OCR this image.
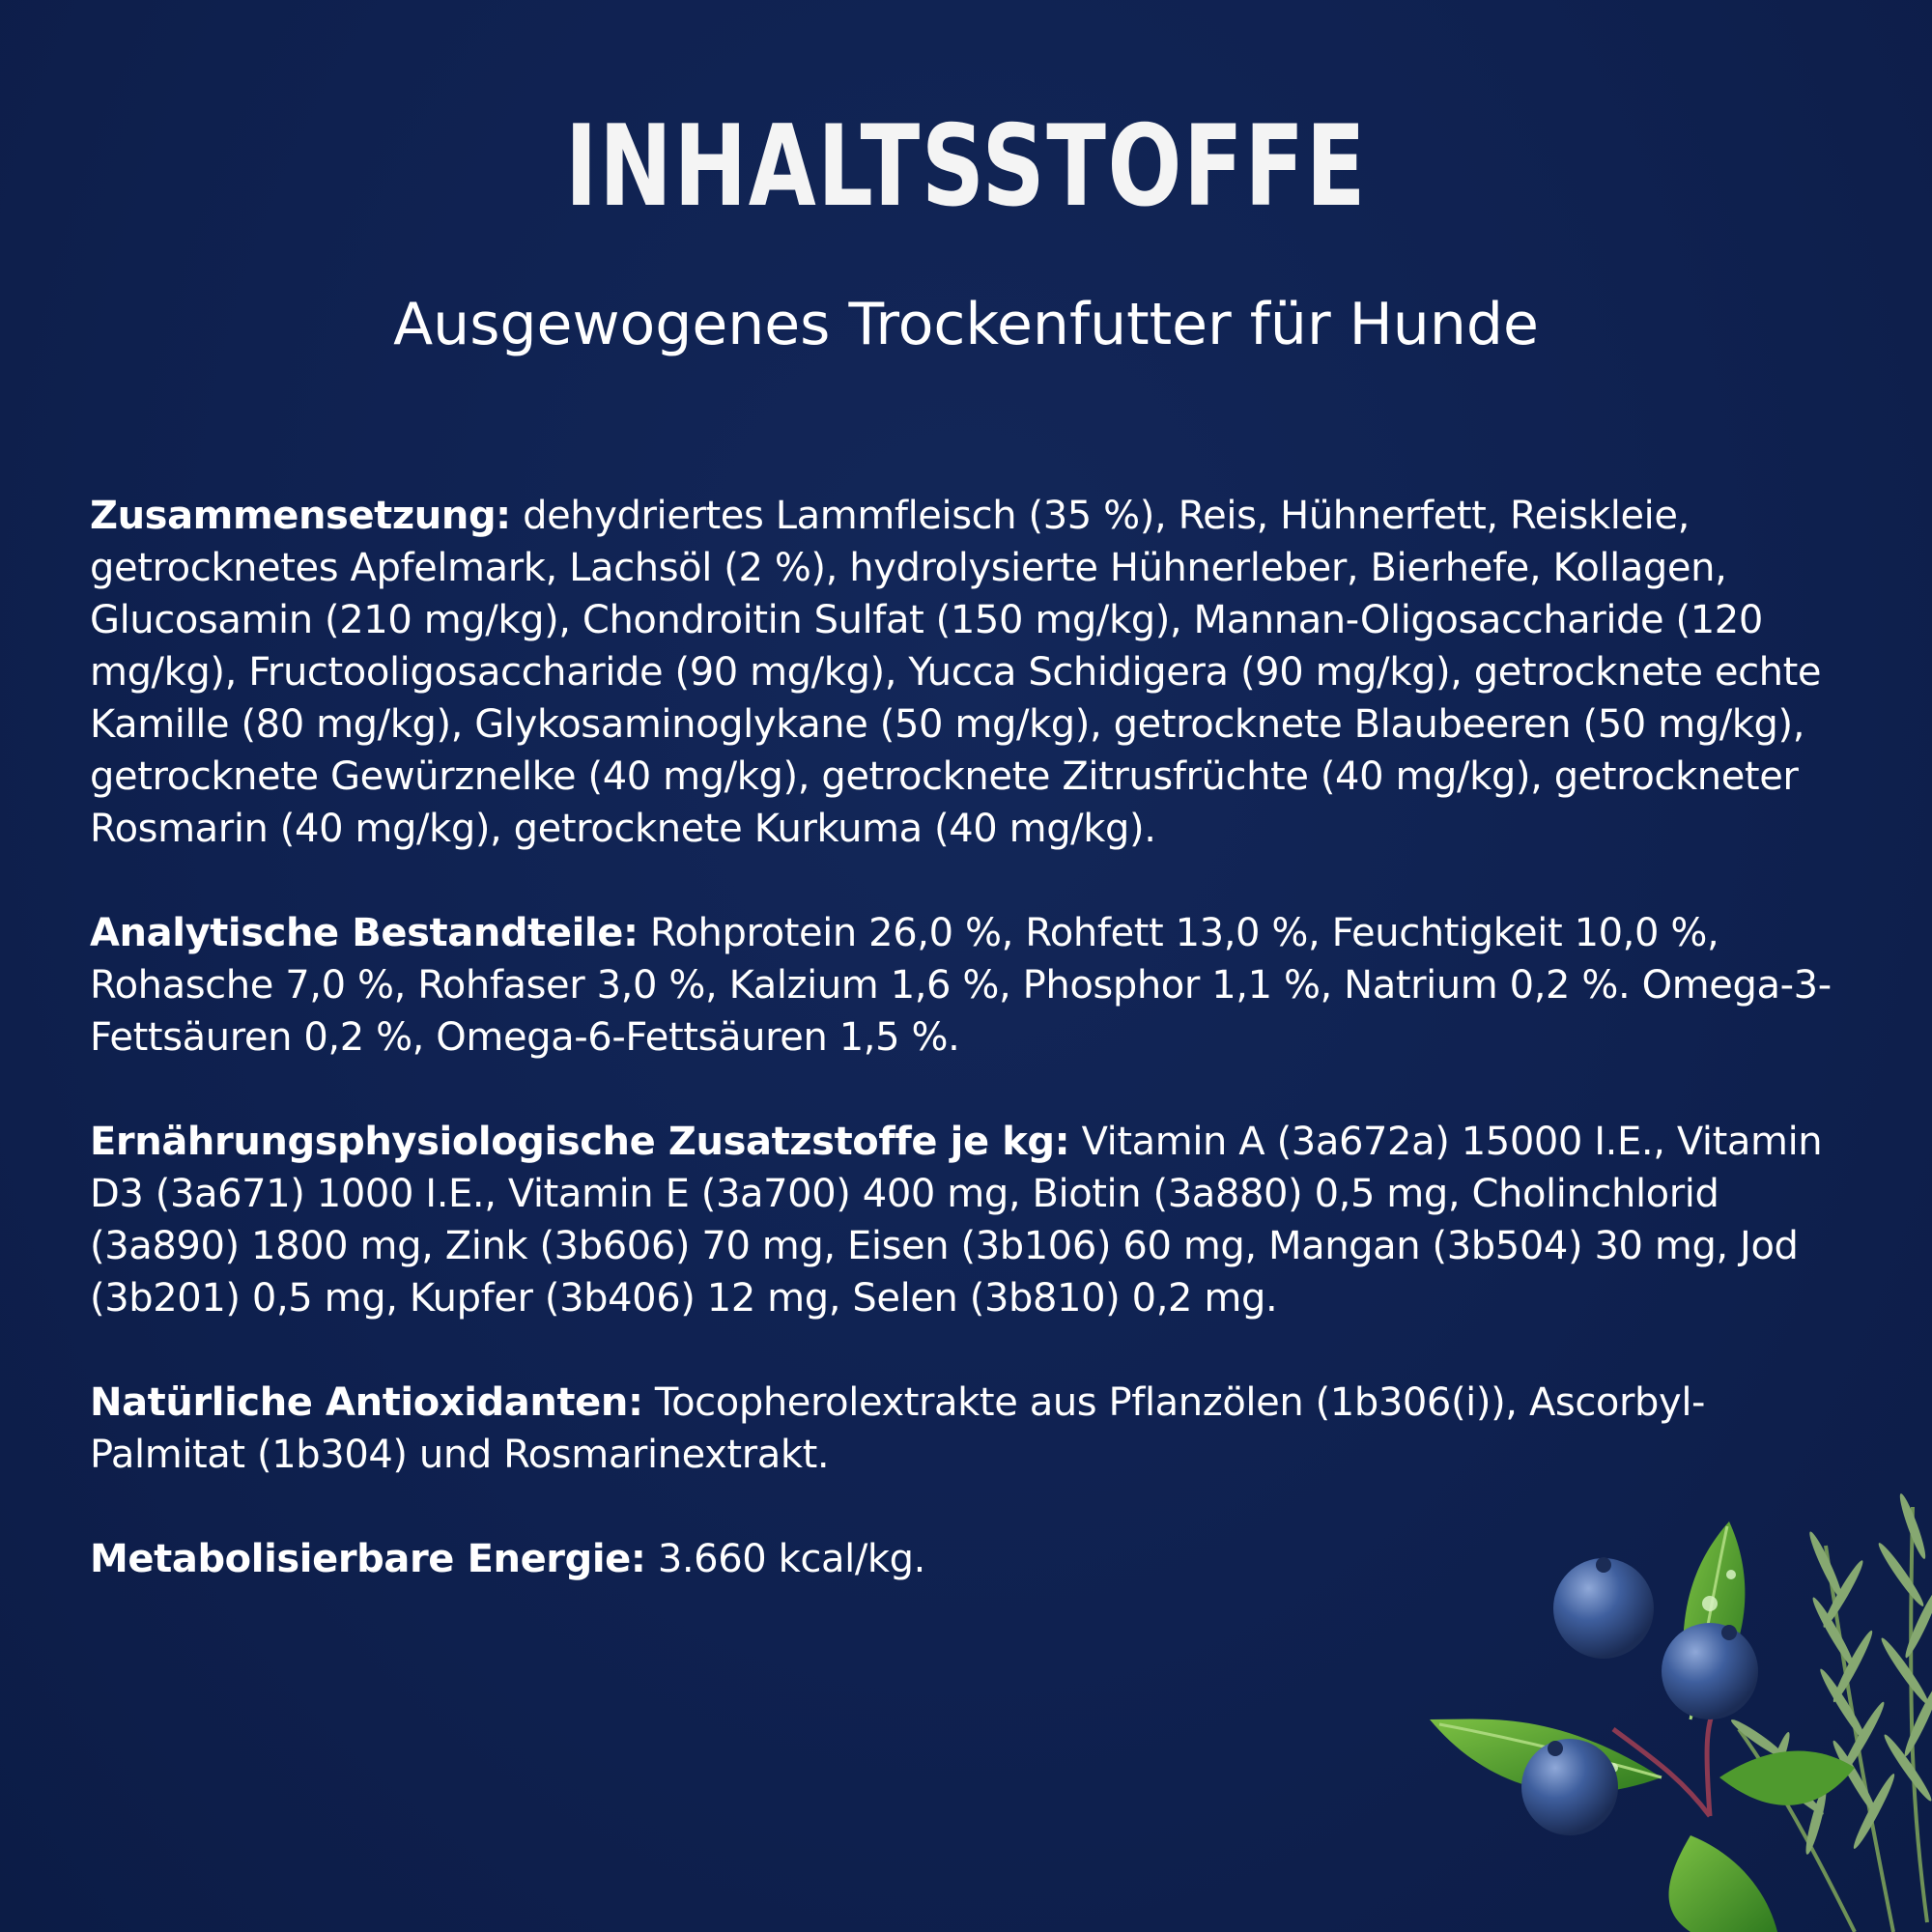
INHALTSSTOFFE
Ausgewogenes Trockenfutter für Hunde

Zusammensetzung: dehydriertes Lammfleisch (35 %), Reis, Hühnerfett, Reiskleie, getrocknetes Apfelmark, Lachsöl (2 %), hydrolysierte Hühnerleber, Bierhefe, Kollagen, Glucosamin (210 mg/kg), Chondroitin Sulfat (150 mg/kg), Mannan-Oligosaccharide (120 mg/kg), Fructooligosaccharide (90 mg/kg), Yucca Schidigera (90 mg/kg), getrocknete echte Kamille (80 mg/kg), Glykosaminoglykane (50 mg/kg), getrocknete Blaubeeren (50 mg/kg), getrocknete Gewürznelke (40 mg/kg), getrocknete Zitrusfrüchte (40 mg/kg), getrockneter Rosmarin (40 mg/kg), getrocknete Kurkuma (40 mg/kg).

Analytische Bestandteile: Rohprotein 26,0 %, Rohfett 13,0 %, Feuchtigkeit 10,0 %, Rohasche 7,0 %, Rohfaser 3,0 %, Kalzium 1,6 %, Phosphor 1,1 %, Natrium 0,2 %. Omega-3-Fettsäuren 0,2 %, Omega-6-Fettsäuren 1,5 %.

Ernährungsphysiologische Zusatzstoffe je kg: Vitamin A (3a672a) 15000 I.E., Vitamin D3 (3a671) 1000 I.E., Vitamin E (3a700) 400 mg, Biotin (3a880) 0,5 mg, Cholinchlorid (3a890) 1800 mg, Zink (3b606) 70 mg, Eisen (3b106) 60 mg, Mangan (3b504) 30 mg, Jod (3b201) 0,5 mg, Kupfer (3b406) 12 mg, Selen (3b810) 0,2 mg.

Natürliche Antioxidanten: Tocopherolextrakte aus Pflanzölen (1b306(i)), Ascorbyl-Palmitat (1b304) und Rosmarinextrakt.

Metabolisierbare Energie: 3.660 kcal/kg.
